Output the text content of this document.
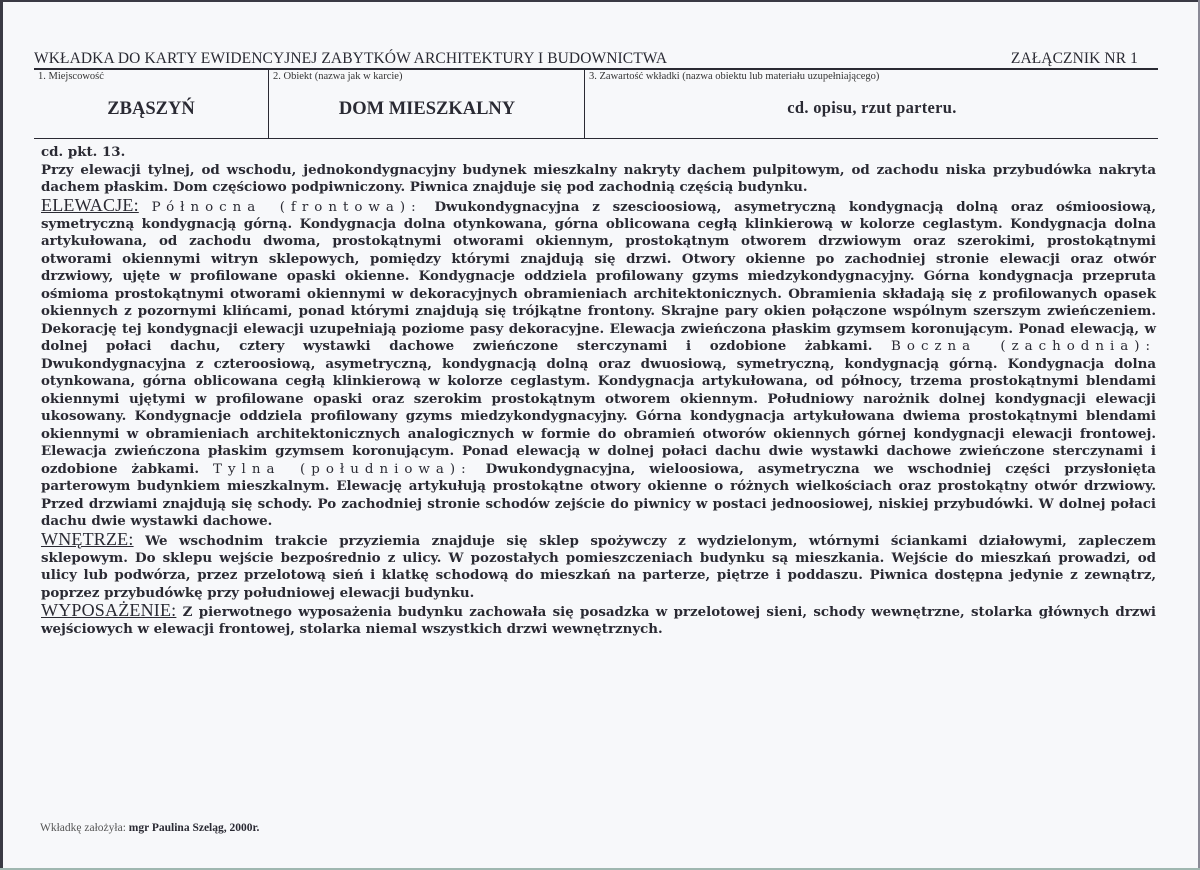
WKŁADKA DO KARTY EWIDENCYJNEJ ZABYTKÓW ARCHITEKTURY I BUDOWNICTWA	ZAŁĄCZNIK NR 1
1. Miejscowość
ZBĄSZYŃ
2. Obiekt (nazwa jak w karcie)
DOM MIESZKALNY
3. Zawartość wkładki (nazwa obiektu lub materiału uzupełniającego)
cd. opisu, rzut parteru.
cd. pkt. 13.
Przy elewacji tylnej, od wschodu, jednokondygnacyjny budynek mieszkalny nakryty dachem pulpitowym, od zachodu niska przybudówka nakryta
dachem płaskim. Dom częściowo podpiwniczony. Piwnica znajduje się pod zachodnią częścią budynku.
ELEWACJE: Północna (frontowa): Dwukondygnacyjna z szescioosiową, asymetryczną kondygnacją dolną oraz ośmioosiową,
symetryczną kondygnacją górną. Kondygnacja dolna otynkowana, górna oblicowana cegłą klinkierową w kolorze ceglastym. Kondygnacja dolna
artykułowana, od zachodu dwoma, prostokątnymi otworami okiennym, prostokątnym otworem drzwiowym oraz szerokimi, prostokątnymi
otworami okiennymi witryn sklepowych, pomiędzy którymi znajdują się drzwi. Otwory okienne po zachodniej stronie elewacji oraz otwór
drzwiowy, ujęte w profilowane opaski okienne. Kondygnacje oddziela profilowany gzyms miedzykondygnacyjny. Górna kondygnacja przepruta
ośmioma prostokątnymi otworami okiennymi w dekoracyjnych obramieniach architektonicznych. Obramienia składają się z profilowanych opasek
okiennych z pozornymi klińcami, ponad którymi znajdują się trójkątne frontony. Skrajne pary okien połączone wspólnym szerszym zwieńczeniem.
Dekorację tej kondygnacji elewacji uzupełniają poziome pasy dekoracyjne. Elewacja zwieńczona płaskim gzymsem koronującym. Ponad elewacją, w
dolnej połaci dachu, cztery wystawki dachowe zwieńczone sterczynami i ozdobione żabkami. Boczna (zachodnia):
Dwukondygnacyjna z czteroosiową, asymetryczną, kondygnacją dolną oraz dwuosiową, symetryczną, kondygnacją górną. Kondygnacja dolna
otynkowana, górna oblicowana cegłą klinkierową w kolorze ceglastym. Kondygnacja artykułowana, od północy, trzema prostokątnymi blendami
okiennymi ujętymi w profilowane opaski oraz szerokim prostokątnym otworem okiennym. Południowy narożnik dolnej kondygnacji elewacji
ukosowany. Kondygnacje oddziela profilowany gzyms miedzykondygnacyjny. Górna kondygnacja artykułowana dwiema prostokątnymi blendami
okiennymi w obramieniach architektonicznych analogicznych w formie do obramień otworów okiennych górnej kondygnacji elewacji frontowej.
Elewacja zwieńczona płaskim gzymsem koronującym. Ponad elewacją w dolnej połaci dachu dwie wystawki dachowe zwieńczone sterczynami i
ozdobione żabkami. Tylna (południowa): Dwukondygnacyjna, wieloosiowa, asymetryczna we wschodniej części przysłonięta
parterowym budynkiem mieszkalnym. Elewację artykułują prostokątne otwory okienne o różnych wielkościach oraz prostokątny otwór drzwiowy.
Przed drzwiami znajdują się schody. Po zachodniej stronie schodów zejście do piwnicy w postaci jednoosiowej, niskiej przybudówki. W dolnej połaci
dachu dwie wystawki dachowe.
WNĘTRZE: We wschodnim trakcie przyziemia znajduje się sklep spożywczy z wydzielonym, wtórnymi ściankami działowymi, zapleczem
sklepowym. Do sklepu wejście bezpośrednio z ulicy. W pozostałych pomieszczeniach budynku są mieszkania. Wejście do mieszkań prowadzi, od
ulicy lub podwórza, przez przelotową sień i klatkę schodową do mieszkań na parterze, piętrze i poddaszu. Piwnica dostępna jedynie z zewnątrz,
poprzez przybudówkę przy południowej elewacji budynku.
WYPOSAŻENIE: Z pierwotnego wyposażenia budynku zachowała się posadzka w przelotowej sieni, schody wewnętrzne, stolarka głównych drzwi
wejściowych w elewacji frontowej, stolarka niemal wszystkich drzwi wewnętrznych.
Wkładkę założyła: mgr Paulina Szeląg, 2000r.
